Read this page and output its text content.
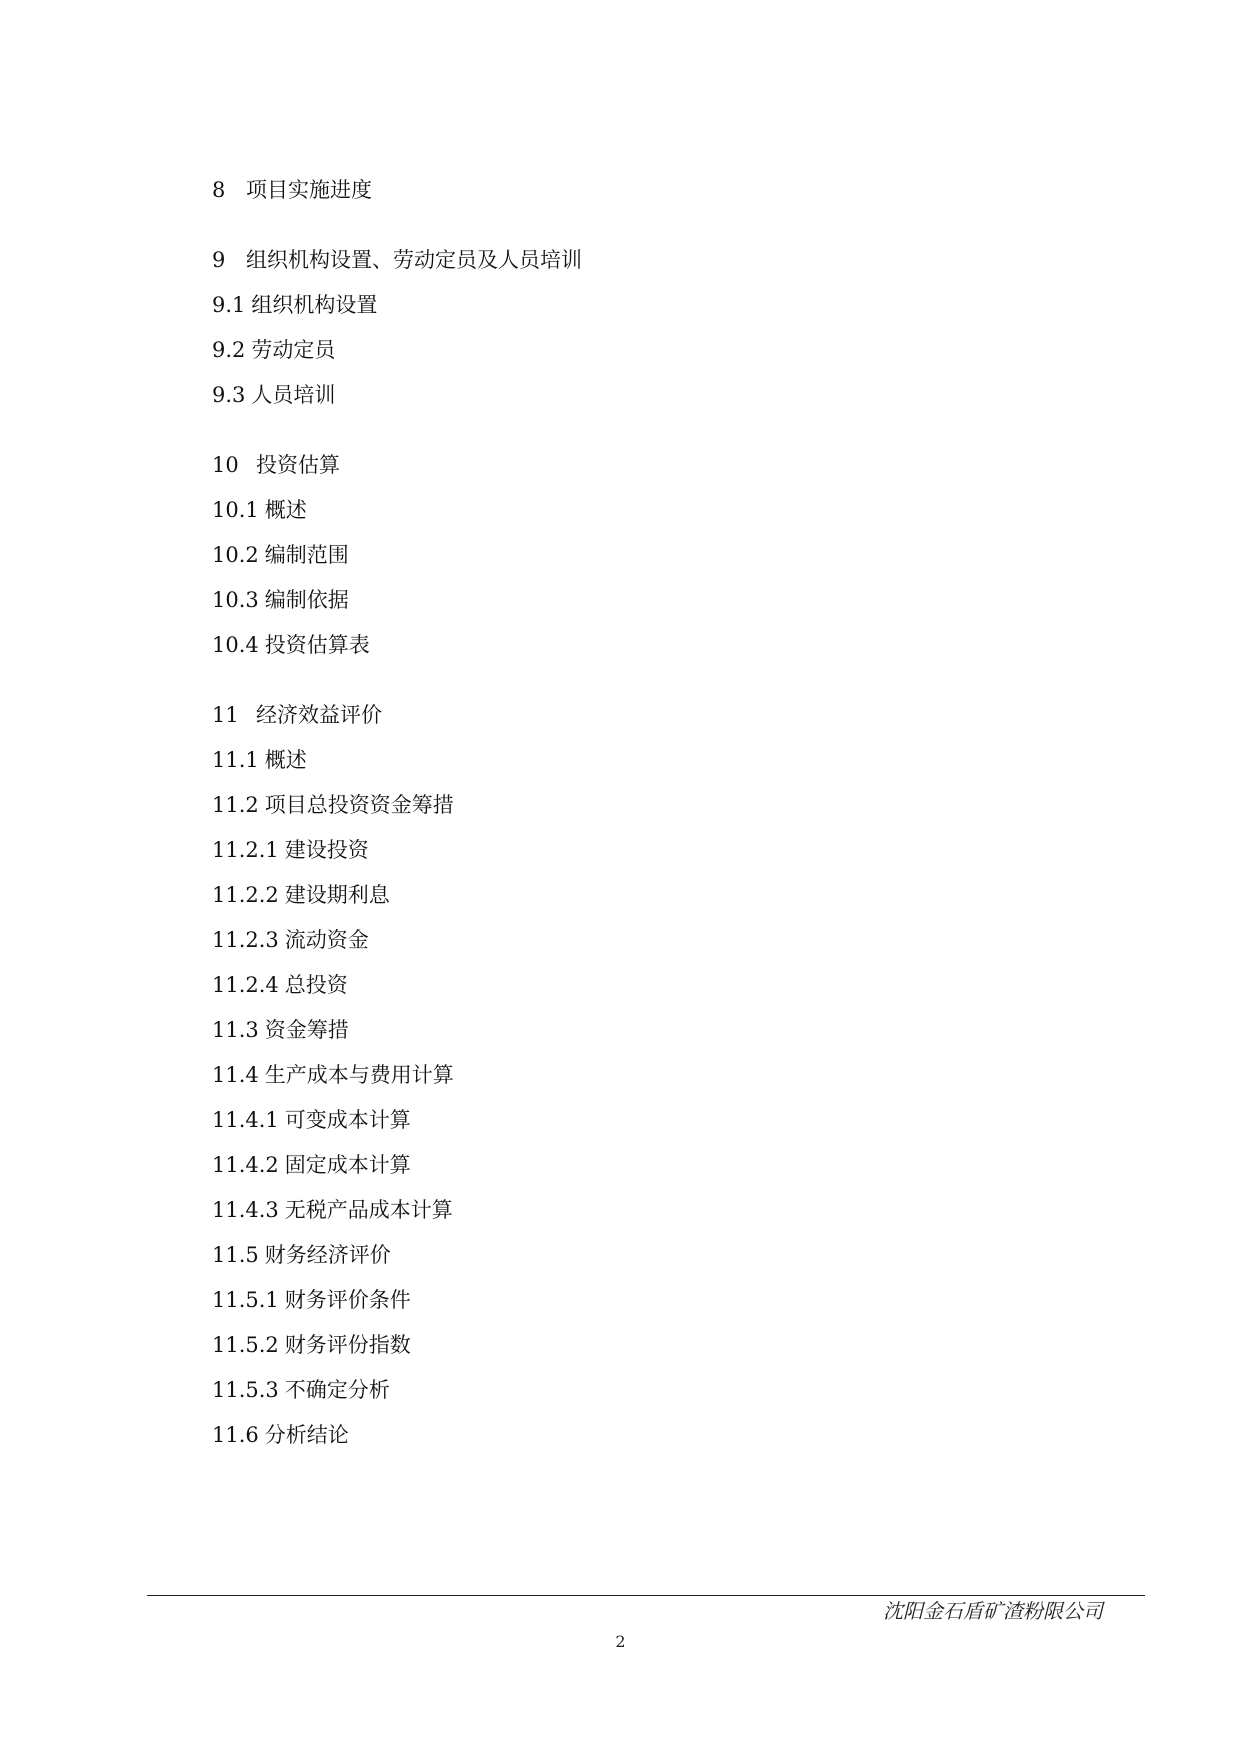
8 项目实施进度
9 组织机构设置、劳动定员及人员培训
9.1 组织机构设置
9.2 劳动定员
9.3 人员培训
10 投资估算
10.1 概述
10.2 编制范围
10.3 编制依据
10.4 投资估算表
11 经济效益评价
11.1 概述
11.2 项目总投资资金筹措
11.2.1 建设投资
11.2.2 建设期利息
11.2.3 流动资金
11.2.4 总投资
11.3 资金筹措
11.4 生产成本与费用计算
11.4.1 可变成本计算
11.4.2 固定成本计算
11.4.3 无税产品成本计算
11.5 财务经济评价
11.5.1 财务评价条件
11.5.2 财务评份指数
11.5.3 不确定分析
11.6 分析结论
沈阳金石盾矿渣粉限公司
2
